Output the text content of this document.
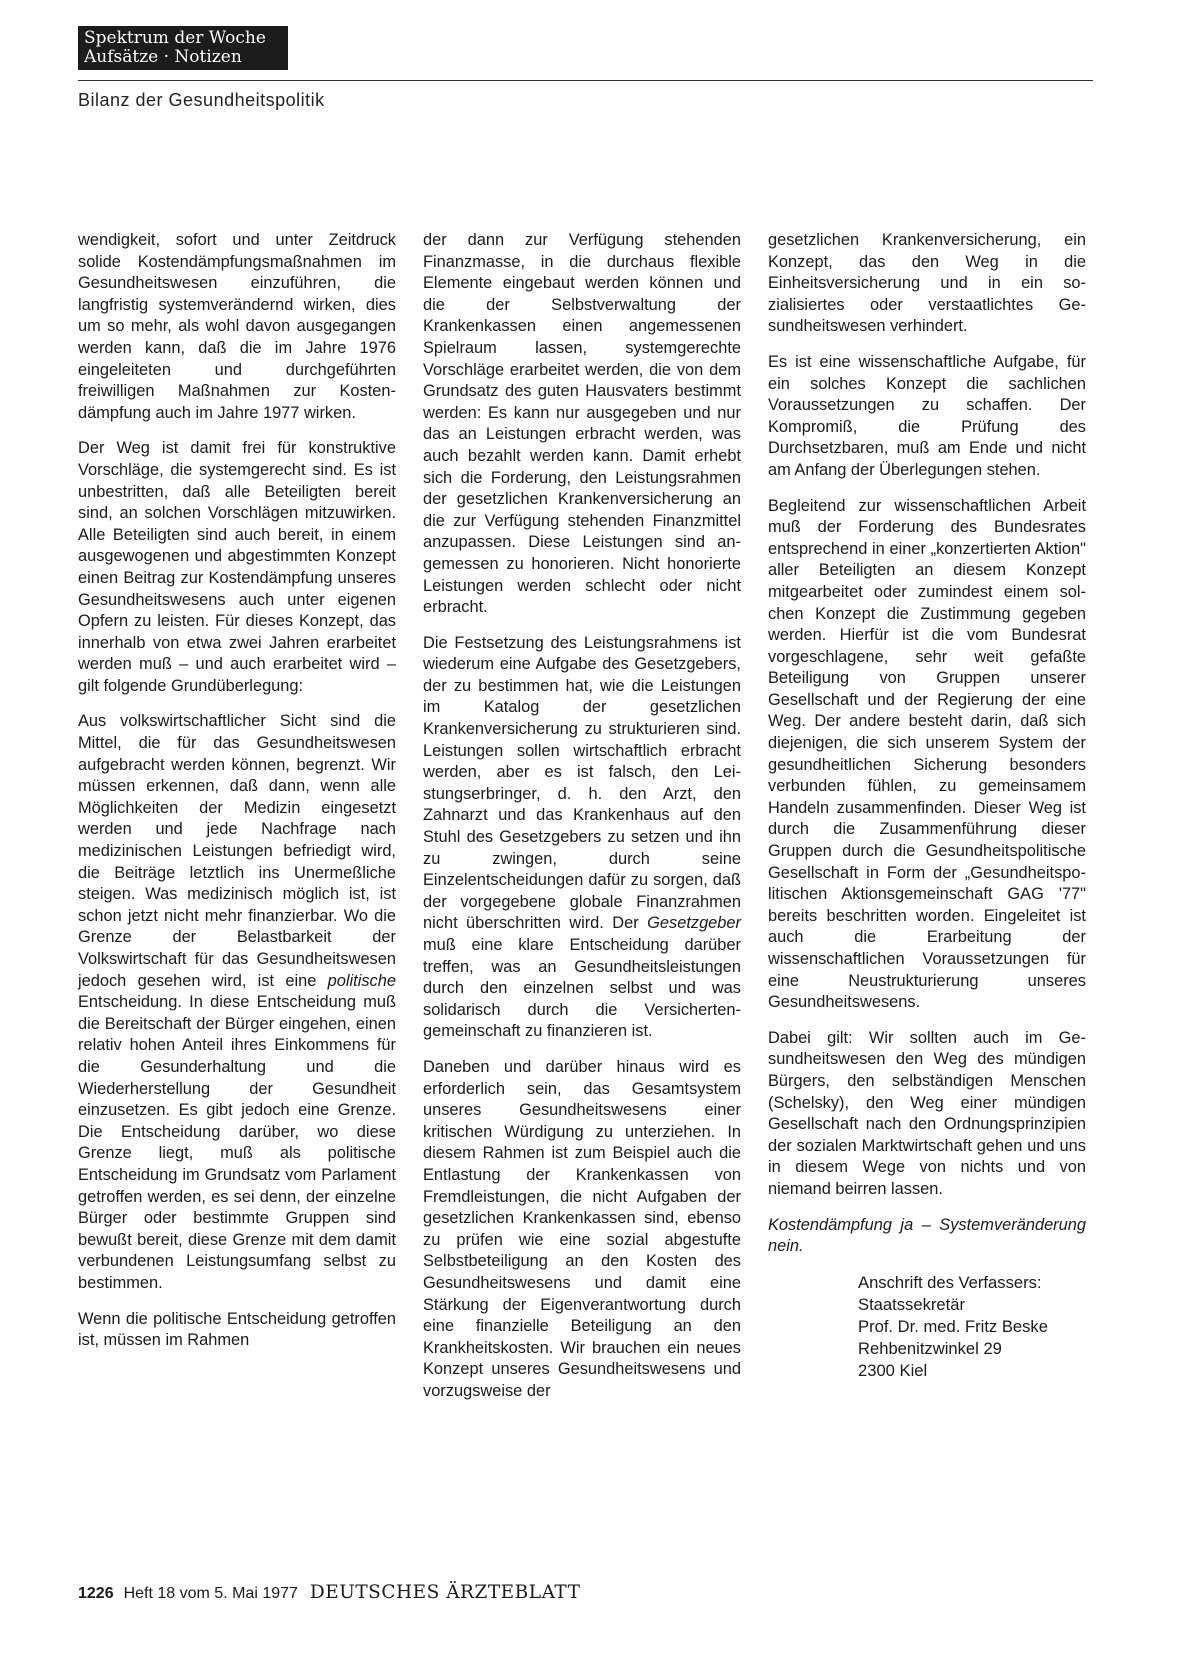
Spektrum der Woche
Aufsätze · Notizen
Bilanz der Gesundheitspolitik

wendigkeit, sofort und unter Zeitdruck solide Kostendämpfungsmaßnahmen im Gesundheitswesen einzuführen, die langfristig systemverändernd wirken, dies um so mehr, als wohl davon ausgegangen werden kann, daß die im Jahre 1976 eingeleiteten und durchgeführten freiwilligen Maßnahmen zur Kostendämpfung auch im Jahre 1977 wirken.

Der Weg ist damit frei für konstruktive Vorschläge, die systemgerecht sind. Es ist unbestritten, daß alle Beteiligten bereit sind, an solchen Vorschlägen mitzuwirken. Alle Beteiligten sind auch bereit, in einem ausgewogenen und abgestimmten Konzept einen Beitrag zur Kostendämpfung unseres Gesundheitswesens auch unter eigenen Opfern zu leisten. Für dieses Konzept, das innerhalb von etwa zwei Jahren erarbeitet werden muß – und auch erarbeitet wird – gilt folgende Grundüberlegung:

Aus volkswirtschaftlicher Sicht sind die Mittel, die für das Gesundheitswesen aufgebracht werden können, begrenzt. Wir müssen erkennen, daß dann, wenn alle Möglichkeiten der Medizin eingesetzt werden und jede Nachfrage nach medizinischen Leistungen befriedigt wird, die Beiträge letztlich ins Unermeßliche steigen. Was medizinisch möglich ist, ist schon jetzt nicht mehr finanzierbar. Wo die Grenze der Belastbarkeit der Volkswirtschaft für das Gesundheitswesen jedoch gesehen wird, ist eine politische Entscheidung. In diese Entscheidung muß die Bereitschaft der Bürger eingehen, einen relativ hohen Anteil ihres Einkommens für die Gesunderhaltung und die Wiederherstellung der Gesundheit einzusetzen. Es gibt jedoch eine Grenze. Die Entscheidung darüber, wo diese Grenze liegt, muß als politische Entscheidung im Grundsatz vom Parlament getroffen werden, es sei denn, der einzelne Bürger oder bestimmte Gruppen sind bewußt bereit, diese Grenze mit dem damit verbundenen Leistungsumfang selbst zu bestimmen.

Wenn die politische Entscheidung getroffen ist, müssen im Rahmen

der dann zur Verfügung stehenden Finanzmasse, in die durchaus flexible Elemente eingebaut werden können und die der Selbstverwaltung der Krankenkassen einen angemessenen Spielraum lassen, systemgerechte Vorschläge erarbeitet werden, die von dem Grundsatz des guten Hausvaters bestimmt werden: Es kann nur ausgegeben und nur das an Leistungen erbracht werden, was auch bezahlt werden kann. Damit erhebt sich die Forderung, den Leistungsrahmen der gesetzlichen Krankenversicherung an die zur Verfügung stehenden Finanzmittel anzupassen. Diese Leistungen sind angemessen zu honorieren. Nicht honorierte Leistungen werden schlecht oder nicht erbracht.

Die Festsetzung des Leistungsrahmens ist wiederum eine Aufgabe des Gesetzgebers, der zu bestimmen hat, wie die Leistungen im Katalog der gesetzlichen Krankenversicherung zu strukturieren sind. Leistungen sollen wirtschaftlich erbracht werden, aber es ist falsch, den Leistungserbringer, d. h. den Arzt, den Zahnarzt und das Krankenhaus auf den Stuhl des Gesetzgebers zu setzen und ihn zu zwingen, durch seine Einzelentscheidungen dafür zu sorgen, daß der vorgegebene globale Finanzrahmen nicht überschritten wird. Der Gesetzgeber muß eine klare Entscheidung darüber treffen, was an Gesundheitsleistungen durch den einzelnen selbst und was solidarisch durch die Versichertengemeinschaft zu finanzieren ist.

Daneben und darüber hinaus wird es erforderlich sein, das Gesamtsystem unseres Gesundheitswesens einer kritischen Würdigung zu unterziehen. In diesem Rahmen ist zum Beispiel auch die Entlastung der Krankenkassen von Fremdleistungen, die nicht Aufgaben der gesetzlichen Krankenkassen sind, ebenso zu prüfen wie eine sozial abgestufte Selbstbeteiligung an den Kosten des Gesundheitswesens und damit eine Stärkung der Eigenverantwortung durch eine finanzielle Beteiligung an den Krankheitskosten. Wir brauchen ein neues Konzept unseres Gesundheitswesens und vorzugsweise der

gesetzlichen Krankenversicherung, ein Konzept, das den Weg in die Einheitsversicherung und in ein sozialisiertes oder verstaatlichtes Gesundheitswesen verhindert.

Es ist eine wissenschaftliche Aufgabe, für ein solches Konzept die sachlichen Voraussetzungen zu schaffen. Der Kompromiß, die Prüfung des Durchsetzbaren, muß am Ende und nicht am Anfang der Überlegungen stehen.

Begleitend zur wissenschaftlichen Arbeit muß der Forderung des Bundesrates entsprechend in einer „konzertierten Aktion" aller Beteiligten an diesem Konzept mitgearbeitet oder zumindest einem solchen Konzept die Zustimmung gegeben werden. Hierfür ist die vom Bundesrat vorgeschlagene, sehr weit gefaßte Beteiligung von Gruppen unserer Gesellschaft und der Regierung der eine Weg. Der andere besteht darin, daß sich diejenigen, die sich unserem System der gesundheitlichen Sicherung besonders verbunden fühlen, zu gemeinsamem Handeln zusammenfinden. Dieser Weg ist durch die Zusammenführung dieser Gruppen durch die Gesundheitspolitische Gesellschaft in Form der „Gesundheitspolitischen Aktionsgemeinschaft GAG '77" bereits beschritten worden. Eingeleitet ist auch die Erarbeitung der wissenschaftlichen Voraussetzungen für eine Neustrukturierung unseres Gesundheitswesens.

Dabei gilt: Wir sollten auch im Gesundheitswesen den Weg des mündigen Bürgers, den selbständigen Menschen (Schelsky), den Weg einer mündigen Gesellschaft nach den Ordnungsprinzipien der sozialen Marktwirtschaft gehen und uns in diesem Wege von nichts und von niemand beirren lassen.

Kostendämpfung ja – Systemveränderung nein.

Anschrift des Verfassers:
Staatssekretär
Prof. Dr. med. Fritz Beske
Rehbenitzwinkel 29
2300 Kiel
1226 Heft 18 vom 5. Mai 1977 DEUTSCHES ÄRZTEBLATT
